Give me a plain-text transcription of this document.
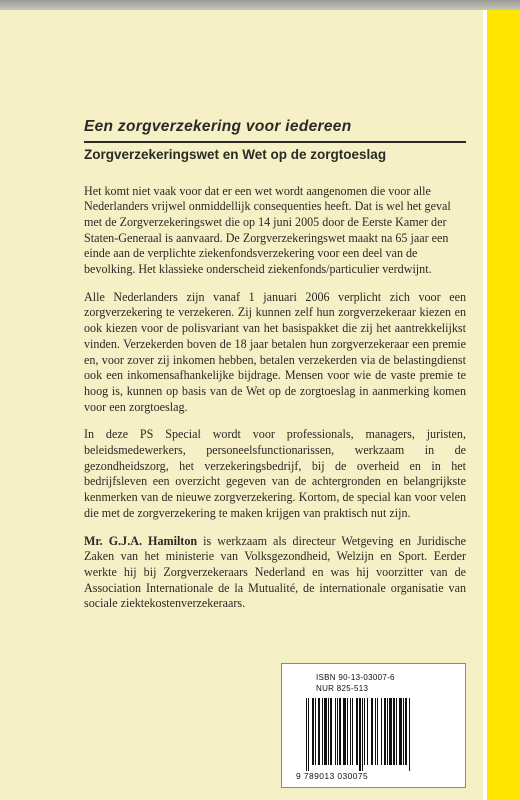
Een zorgverzekering voor iedereen
Zorgverzekeringswet en Wet op de zorgtoeslag

Het komt niet vaak voor dat er een wet wordt aangenomen die voor alle Nederlanders vrijwel onmiddellijk consequenties heeft. Dat is wel het geval met de Zorgverzekeringswet die op 14 juni 2005 door de Eerste Kamer der Staten-Generaal is aanvaard. De Zorgverzekeringswet maakt na 65 jaar een einde aan de verplichte ziekenfondsverzekering voor een deel van de bevolking. Het klassieke onderscheid ziekenfonds/particulier verdwijnt.

Alle Nederlanders zijn vanaf 1 januari 2006 verplicht zich voor een zorgverzekering te verzekeren. Zij kunnen zelf hun zorgverzekeraar kiezen en ook kiezen voor de polisvariant van het basispakket die zij het aantrekkelijkst vinden. Verzekerden boven de 18 jaar betalen hun zorgverzekeraar een premie en, voor zover zij inkomen hebben, betalen verzekerden via de belastingdienst ook een inkomensafhankelijke bijdrage. Mensen voor wie de vaste premie te hoog is, kunnen op basis van de Wet op de zorgtoeslag in aanmerking komen voor een zorgtoeslag.

In deze PS Special wordt voor professionals, managers, juristen, beleidsmedewerkers, personeelsfunctionarissen, werkzaam in de gezondheidszorg, het verzekeringsbedrijf, bij de overheid en in het bedrijfsleven een overzicht gegeven van de achtergronden en belangrijkste kenmerken van de nieuwe zorgverzekering. Kortom, de special kan voor velen die met de zorgverzekering te maken krijgen van praktisch nut zijn.

Mr. G.J.A. Hamilton is werkzaam als directeur Wetgeving en Juridische Zaken van het ministerie van Volksgezondheid, Welzijn en Sport. Eerder werkte hij bij Zorgverzekeraars Nederland en was hij voorzitter van de Association Internationale de la Mutualité, de internationale organisatie van sociale ziektekostenverzekeraars.

ISBN 90-13-03007-6
NUR 825-513
9 789013 030075
